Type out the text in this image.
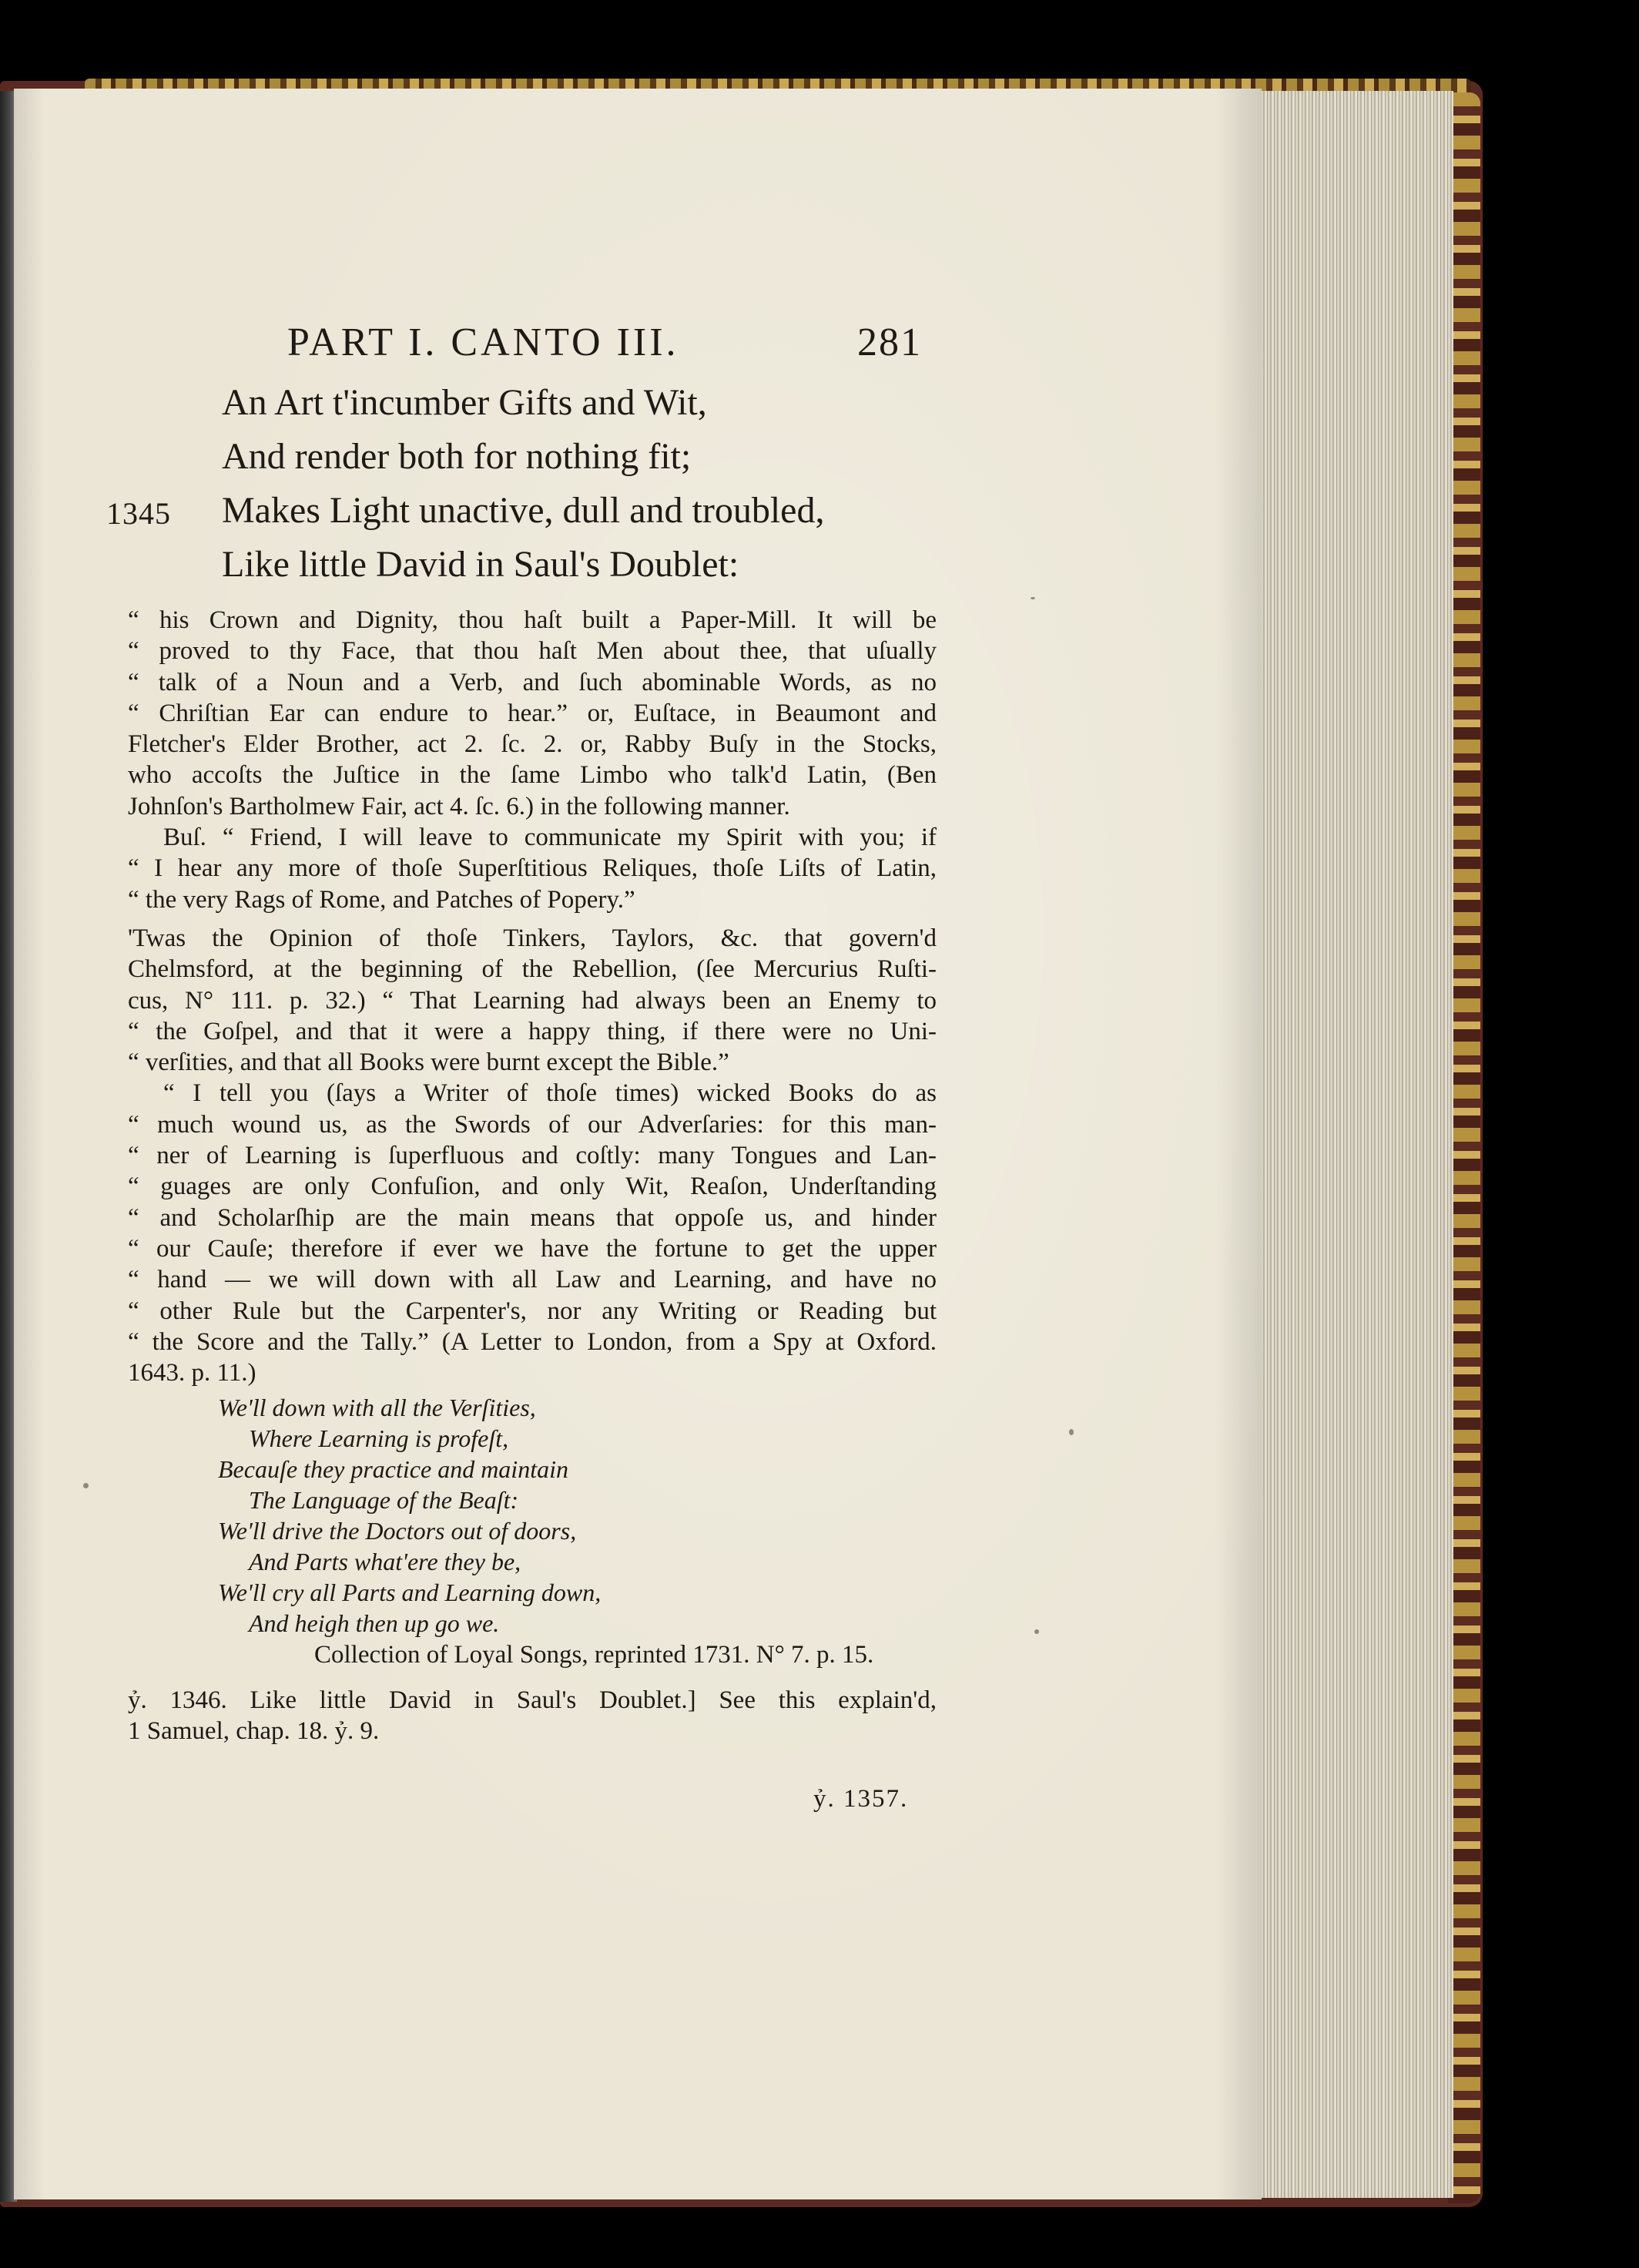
PART I. CANTO III.	281
An Art t'incumber Gifts and Wit,
And render both for nothing fit;
1345 Makes Light unactive, dull and troubled,
Like little David in Saul's Doublet:
“ his Crown and Dignity, thou haſt built a Paper-Mill. It will be
“ proved to thy Face, that thou haſt Men about thee, that uſually
“ talk of a Noun and a Verb, and ſuch abominable Words, as no
“ Chriſtian Ear can endure to hear.” or, Euſtace, in Beaumont and
Fletcher's Elder Brother, act 2. ſc. 2. or, Rabby Buſy in the Stocks,
who accoſts the Juſtice in the ſame Limbo who talk'd Latin, (Ben
Johnſon's Bartholmew Fair, act 4. ſc. 6.) in the following manner.
Buſ. “ Friend, I will leave to communicate my Spirit with you; if
“ I hear any more of thoſe Superſtitious Reliques, thoſe Liſts of Latin,
“ the very Rags of Rome, and Patches of Popery.”
'Twas the Opinion of thoſe Tinkers, Taylors, &c. that govern'd
Chelmsford, at the beginning of the Rebellion, (ſee Mercurius Ruſti-
cus, N° 111. p. 32.) “ That Learning had always been an Enemy to
“ the Goſpel, and that it were a happy thing, if there were no Uni-
“ verſities, and that all Books were burnt except the Bible.”
“ I tell you (ſays a Writer of thoſe times) wicked Books do as
“ much wound us, as the Swords of our Adverſaries: for this man-
“ ner of Learning is ſuperfluous and coſtly: many Tongues and Lan-
“ guages are only Confuſion, and only Wit, Reaſon, Underſtanding
“ and Scholarſhip are the main means that oppoſe us, and hinder
“ our Cauſe; therefore if ever we have the fortune to get the upper
“ hand — we will down with all Law and Learning, and have no
“ other Rule but the Carpenter's, nor any Writing or Reading but
“ the Score and the Tally.” (A Letter to London, from a Spy at Oxford.
1643. p. 11.)
We'll down with all the Verſities,
Where Learning is profeſt,
Becauſe they practice and maintain
The Language of the Beaſt:
We'll drive the Doctors out of doors,
And Parts what'ere they be,
We'll cry all Parts and Learning down,
And heigh then up go we.
Collection of Loyal Songs, reprinted 1731. N° 7. p. 15.
ỷ. 1346. Like little David in Saul's Doublet.] See this explain'd,
1 Samuel, chap. 18. ỷ. 9.
ỷ. 1357.
